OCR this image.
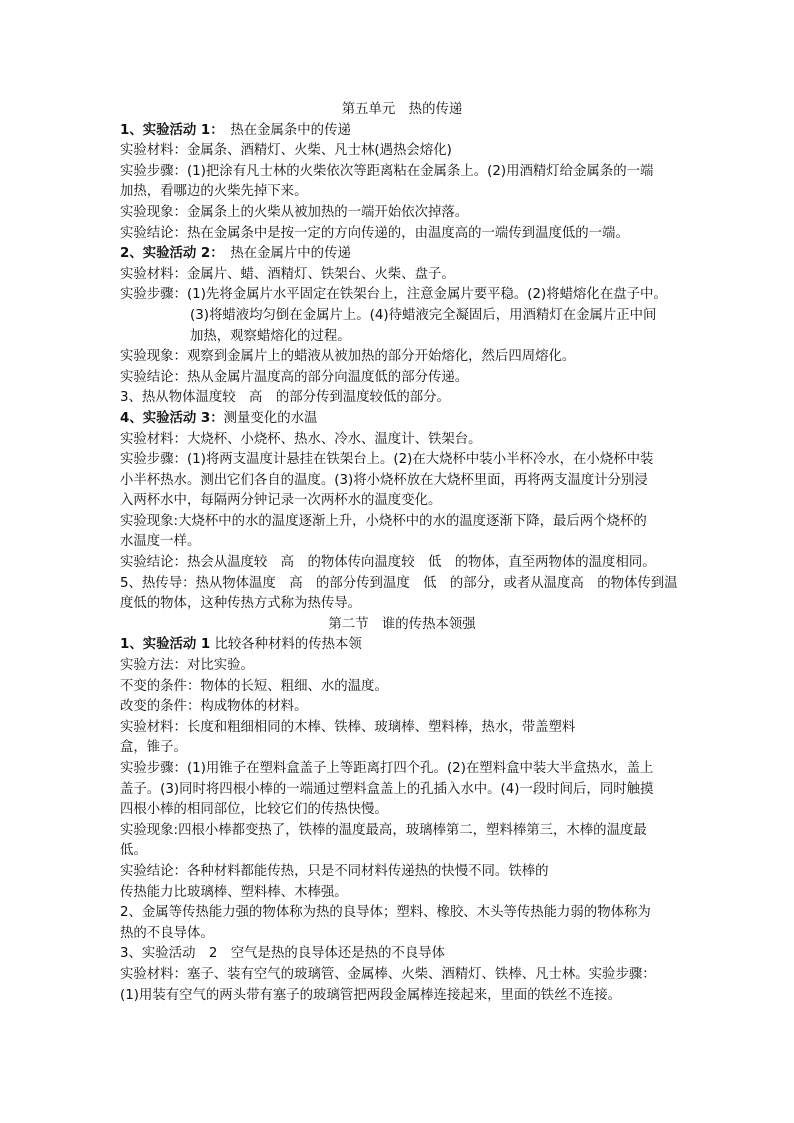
第五单元　热的传递
1、实验活动 1：　热在金属条中的传递
实验材料：金属条、酒精灯、火柴、凡士林(遇热会熔化)
实验步骤：(1)把涂有凡士林的火柴依次等距离粘在金属条上。(2)用酒精灯给金属条的一端
加热，看哪边的火柴先掉下来。
实验现象：金属条上的火柴从被加热的一端开始依次掉落。
实验结论：热在金属条中是按一定的方向传递的，由温度高的一端传到温度低的一端。
2、实验活动 2：　热在金属片中的传递
实验材料：金属片、蜡、酒精灯、铁架台、火柴、盘子。
实验步骤：(1)先将金属片水平固定在铁架台上，注意金属片要平稳。(2)将蜡熔化在盘子中。
(3)将蜡液均匀倒在金属片上。(4)待蜡液完全凝固后，用酒精灯在金属片正中间
加热，观察蜡熔化的过程。
实验现象：观察到金属片上的蜡液从被加热的部分开始熔化，然后四周熔化。
实验结论：热从金属片温度高的部分向温度低的部分传递。
3、热从物体温度较　高　的部分传到温度较低的部分。
4、实验活动 3：测量变化的水温
实验材料：大烧杯、小烧杯、热水、冷水、温度计、铁架台。
实验步骤：(1)将两支温度计悬挂在铁架台上。(2)在大烧杯中装小半杯冷水，在小烧杯中装
小半杯热水。测出它们各自的温度。(3)将小烧杯放在大烧杯里面，再将两支温度计分别浸
入两杯水中，每隔两分钟记录一次两杯水的温度变化。
实验现象:大烧杯中的水的温度逐渐上升，小烧杯中的水的温度逐渐下降，最后两个烧杯的
水温度一样。
实验结论：热会从温度较　高　的物体传向温度较　低　的物体，直至两物体的温度相同。
5、热传导：热从物体温度　高　的部分传到温度　低　的部分，或者从温度高　的物体传到温
度低的物体，这种传热方式称为热传导。
第二节　谁的传热本领强
1、实验活动 1 比较各种材料的传热本领
实验方法：对比实验。
不变的条件：物体的长短、粗细、水的温度。
改变的条件：构成物体的材料。
实验材料：长度和粗细相同的木棒、铁棒、玻璃棒、塑料棒，热水，带盖塑料
盒，锥子。
实验步骤：(1)用锥子在塑料盒盖子上等距离打四个孔。(2)在塑料盒中装大半盒热水，盖上
盖子。(3)同时将四根小棒的一端通过塑料盒盖上的孔插入水中。(4)一段时间后，同时触摸
四根小棒的相同部位，比较它们的传热快慢。
实验现象:四根小棒都变热了，铁棒的温度最高，玻璃棒第二，塑料棒第三，木棒的温度最
低。
实验结论：各种材料都能传热，只是不同材料传递热的快慢不同。铁棒的
传热能力比玻璃棒、塑料棒、木棒强。
2、金属等传热能力强的物体称为热的良导体；塑料、橡胶、木头等传热能力弱的物体称为
热的不良导体。
3、实验活动　2　空气是热的良导体还是热的不良导体
实验材料：塞子、装有空气的玻璃管、金属棒、火柴、酒精灯、铁棒、凡士林。实验步骤：
(1)用装有空气的两头带有塞子的玻璃管把两段金属棒连接起来，里面的铁丝不连接。
